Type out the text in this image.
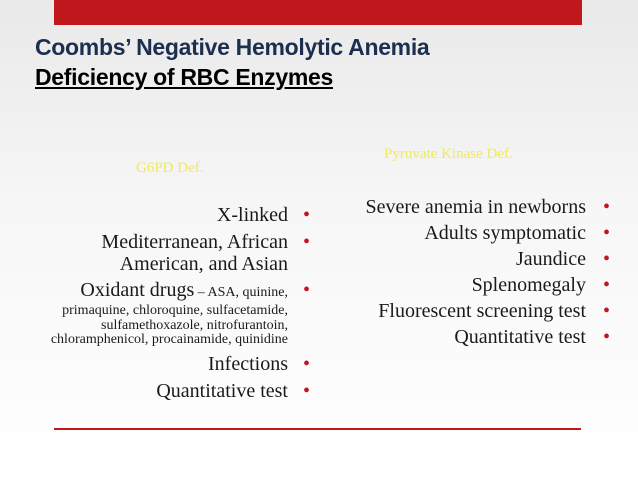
Coombs’ Negative Hemolytic Anemia
Deficiency of RBC Enzymes
G6PD Def.
Pyruvate Kinase Def.
X-linked •
Mediterranean, African American, and Asian
•
Oxidant drugs – ASA, quinine, •
primaquine, chloroquine, sulfacetamide, sulfamethoxazole, nitrofurantoin, chloramphenicol, procainamide, quinidine
Infections •
Quantitative test •
Severe anemia in newborns •
Adults symptomatic •
Jaundice •
Splenomegaly •
Fluorescent screening test •
Quantitative test •
